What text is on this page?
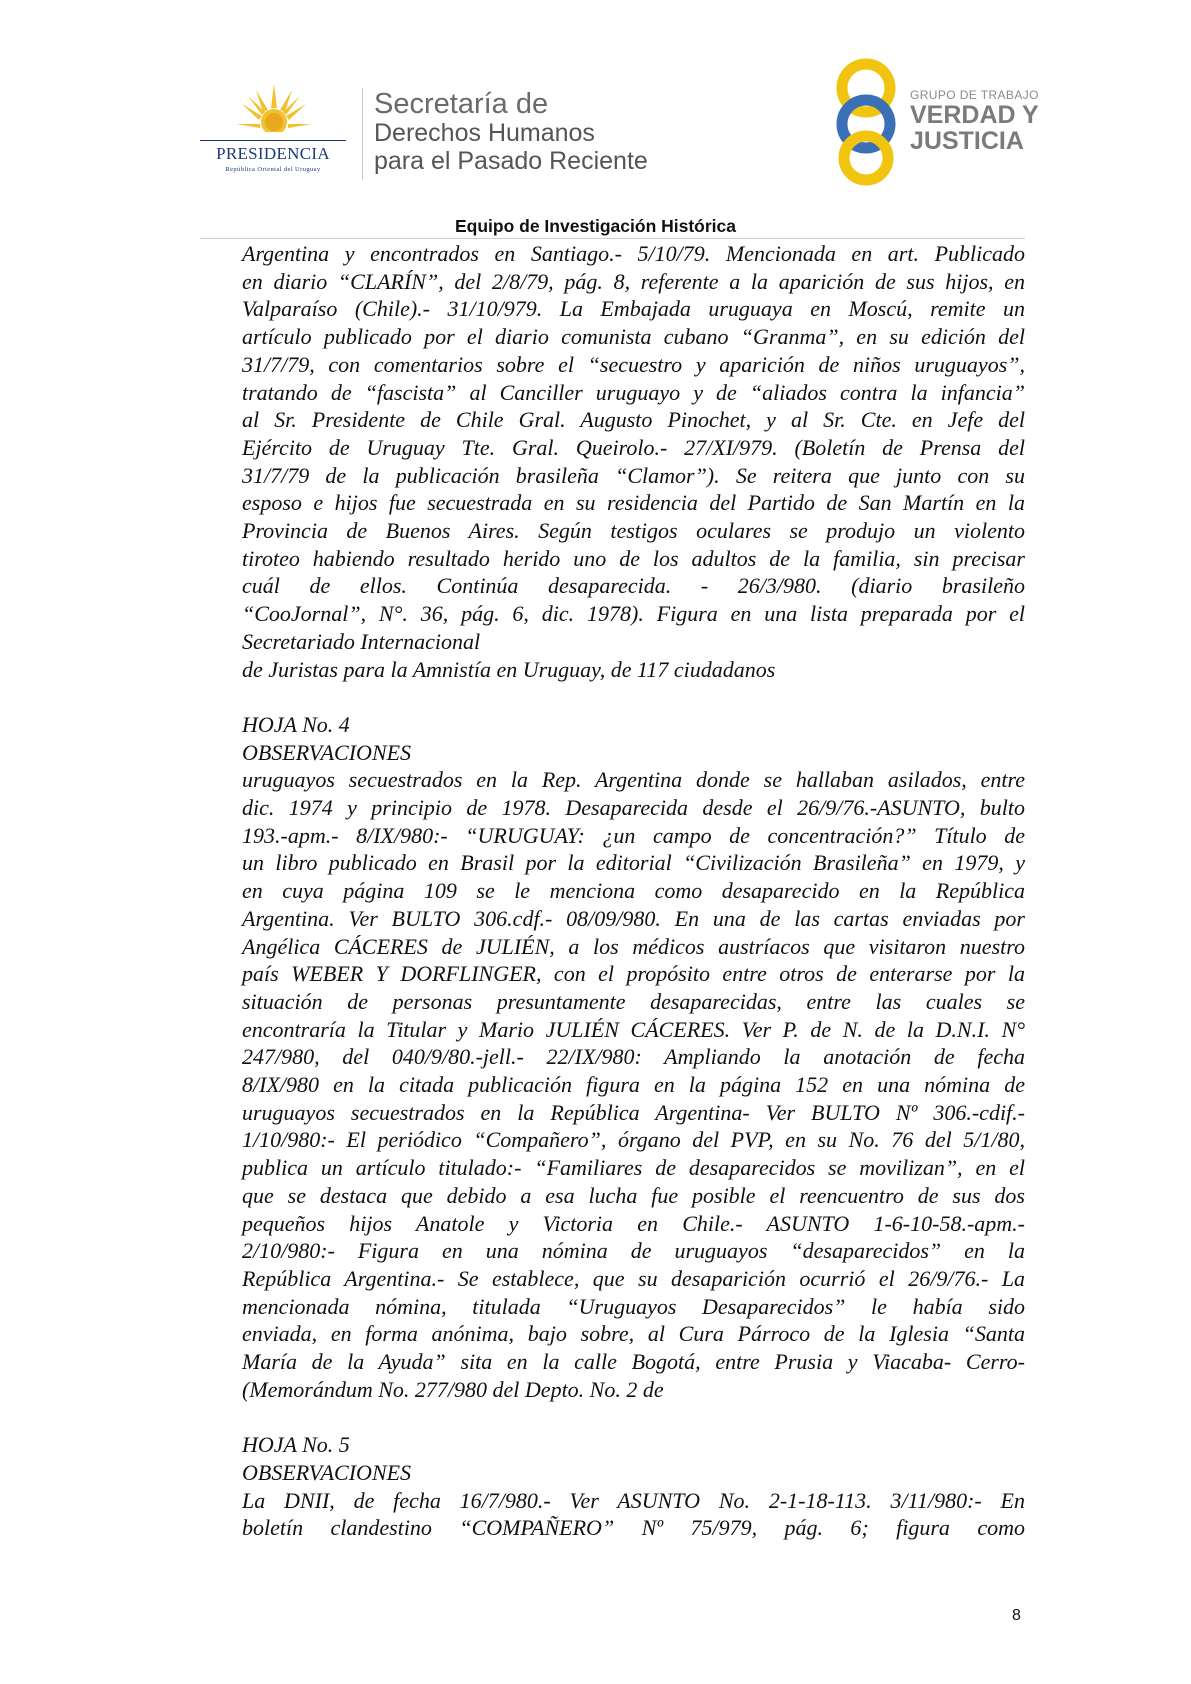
PRESIDENCIA
República Oriental del Uruguay
Secretaría de
Derechos Humanos
para el Pasado Reciente
GRUPO DE TRABAJO
VERDAD Y
JUSTICIA
Equipo de Investigación Histórica
Argentina y encontrados en Santiago.- 5/10/79. Mencionada en art. Publicado
en diario “CLARÍN”, del 2/8/79, pág. 8, referente a la aparición de sus hijos, en
Valparaíso (Chile).- 31/10/979. La Embajada uruguaya en Moscú, remite un
artículo publicado por el diario comunista cubano “Granma”, en su edición del
31/7/79, con comentarios sobre el “secuestro y aparición de niños uruguayos”,
tratando de “fascista” al Canciller uruguayo y de “aliados contra la infancia”
al Sr. Presidente de Chile Gral. Augusto Pinochet, y al Sr. Cte. en Jefe del
Ejército de Uruguay Tte. Gral. Queirolo.- 27/XI/979. (Boletín de Prensa del
31/7/79 de la publicación brasileña “Clamor”). Se reitera que junto con su
esposo e hijos fue secuestrada en su residencia del Partido de San Martín en la
Provincia de Buenos Aires. Según testigos oculares se produjo un violento
tiroteo habiendo resultado herido uno de los adultos de la familia, sin precisar
cuál de ellos. Continúa desaparecida. - 26/3/980. (diario brasileño
“CooJornal”, N°. 36, pág. 6, dic. 1978). Figura en una lista preparada por el
Secretariado Internacional
de Juristas para la Amnistía en Uruguay, de 117 ciudadanos
HOJA No. 4
OBSERVACIONES
uruguayos secuestrados en la Rep. Argentina donde se hallaban asilados, entre
dic. 1974 y principio de 1978. Desaparecida desde el 26/9/76.-ASUNTO, bulto
193.-apm.- 8/IX/980:- “URUGUAY: ¿un campo de concentración?” Título de
un libro publicado en Brasil por la editorial “Civilización Brasileña” en 1979, y
en cuya página 109 se le menciona como desaparecido en la República
Argentina. Ver BULTO 306.cdf.- 08/09/980. En una de las cartas enviadas por
Angélica CÁCERES de JULIÉN, a los médicos austríacos que visitaron nuestro
país WEBER Y DORFLINGER, con el propósito entre otros de enterarse por la
situación de personas presuntamente desaparecidas, entre las cuales se
encontraría la Titular y Mario JULIÉN CÁCERES. Ver P. de N. de la D.N.I. N°
247/980, del 040/9/80.-jell.- 22/IX/980: Ampliando la anotación de fecha
8/IX/980 en la citada publicación figura en la página 152 en una nómina de
uruguayos secuestrados en la República Argentina- Ver BULTO Nº 306.-cdif.-
1/10/980:- El periódico “Compañero”, órgano del PVP, en su No. 76 del 5/1/80,
publica un artículo titulado:- “Familiares de desaparecidos se movilizan”, en el
que se destaca que debido a esa lucha fue posible el reencuentro de sus dos
pequeños hijos Anatole y Victoria en Chile.- ASUNTO 1-6-10-58.-apm.-
2/10/980:- Figura en una nómina de uruguayos “desaparecidos” en la
República Argentina.- Se establece, que su desaparición ocurrió el 26/9/76.- La
mencionada nómina, titulada “Uruguayos Desaparecidos” le había sido
enviada, en forma anónima, bajo sobre, al Cura Párroco de la Iglesia “Santa
María de la Ayuda” sita en la calle Bogotá, entre Prusia y Viacaba- Cerro-
(Memorándum No. 277/980 del Depto. No. 2 de
HOJA No. 5
OBSERVACIONES
La DNII, de fecha 16/7/980.- Ver ASUNTO No. 2-1-18-113. 3/11/980:- En
boletín clandestino “COMPAÑERO” Nº 75/979, pág. 6; figura como
8
